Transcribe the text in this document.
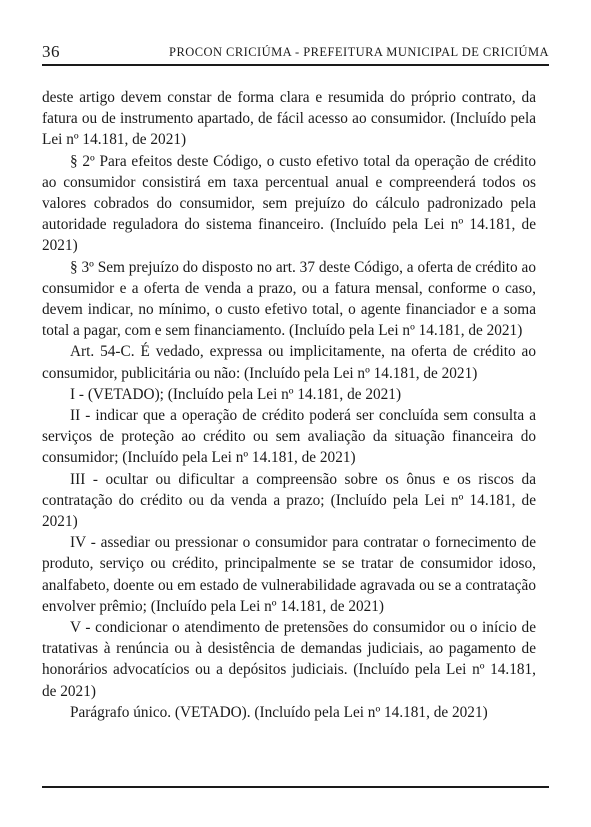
36	PROCON CRICIÚMA - PREFEITURA MUNICIPAL DE CRICIÚMA

deste artigo devem constar de forma clara e resumida do próprio contrato, da fatura ou de instrumento apartado, de fácil acesso ao consumidor. (Incluído pela Lei nº 14.181, de 2021)

§ 2º Para efeitos deste Código, o custo efetivo total da operação de crédito ao consumidor consistirá em taxa percentual anual e compreenderá todos os valores cobrados do consumidor, sem prejuízo do cálculo padronizado pela autoridade reguladora do sistema financeiro. (Incluído pela Lei nº 14.181, de 2021)

§ 3º Sem prejuízo do disposto no art. 37 deste Código, a oferta de crédito ao consumidor e a oferta de venda a prazo, ou a fatura mensal, conforme o caso, devem indicar, no mínimo, o custo efetivo total, o agente financiador e a soma total a pagar, com e sem financiamento. (Incluído pela Lei nº 14.181, de 2021)

Art. 54-C. É vedado, expressa ou implicitamente, na oferta de crédito ao consumidor, publicitária ou não: (Incluído pela Lei nº 14.181, de 2021)

I - (VETADO); (Incluído pela Lei nº 14.181, de 2021)

II - indicar que a operação de crédito poderá ser concluída sem consulta a serviços de proteção ao crédito ou sem avaliação da situação financeira do consumidor; (Incluído pela Lei nº 14.181, de 2021)

III - ocultar ou dificultar a compreensão sobre os ônus e os riscos da contratação do crédito ou da venda a prazo; (Incluído pela Lei nº 14.181, de 2021)

IV - assediar ou pressionar o consumidor para contratar o fornecimento de produto, serviço ou crédito, principalmente se se tratar de consumidor idoso, analfabeto, doente ou em estado de vulnerabilidade agravada ou se a contratação envolver prêmio; (Incluído pela Lei nº 14.181, de 2021)

V - condicionar o atendimento de pretensões do consumidor ou o início de tratativas à renúncia ou à desistência de demandas judiciais, ao pagamento de honorários advocatícios ou a depósitos judiciais. (Incluído pela Lei nº 14.181, de 2021)

Parágrafo único. (VETADO). (Incluído pela Lei nº 14.181, de 2021)
